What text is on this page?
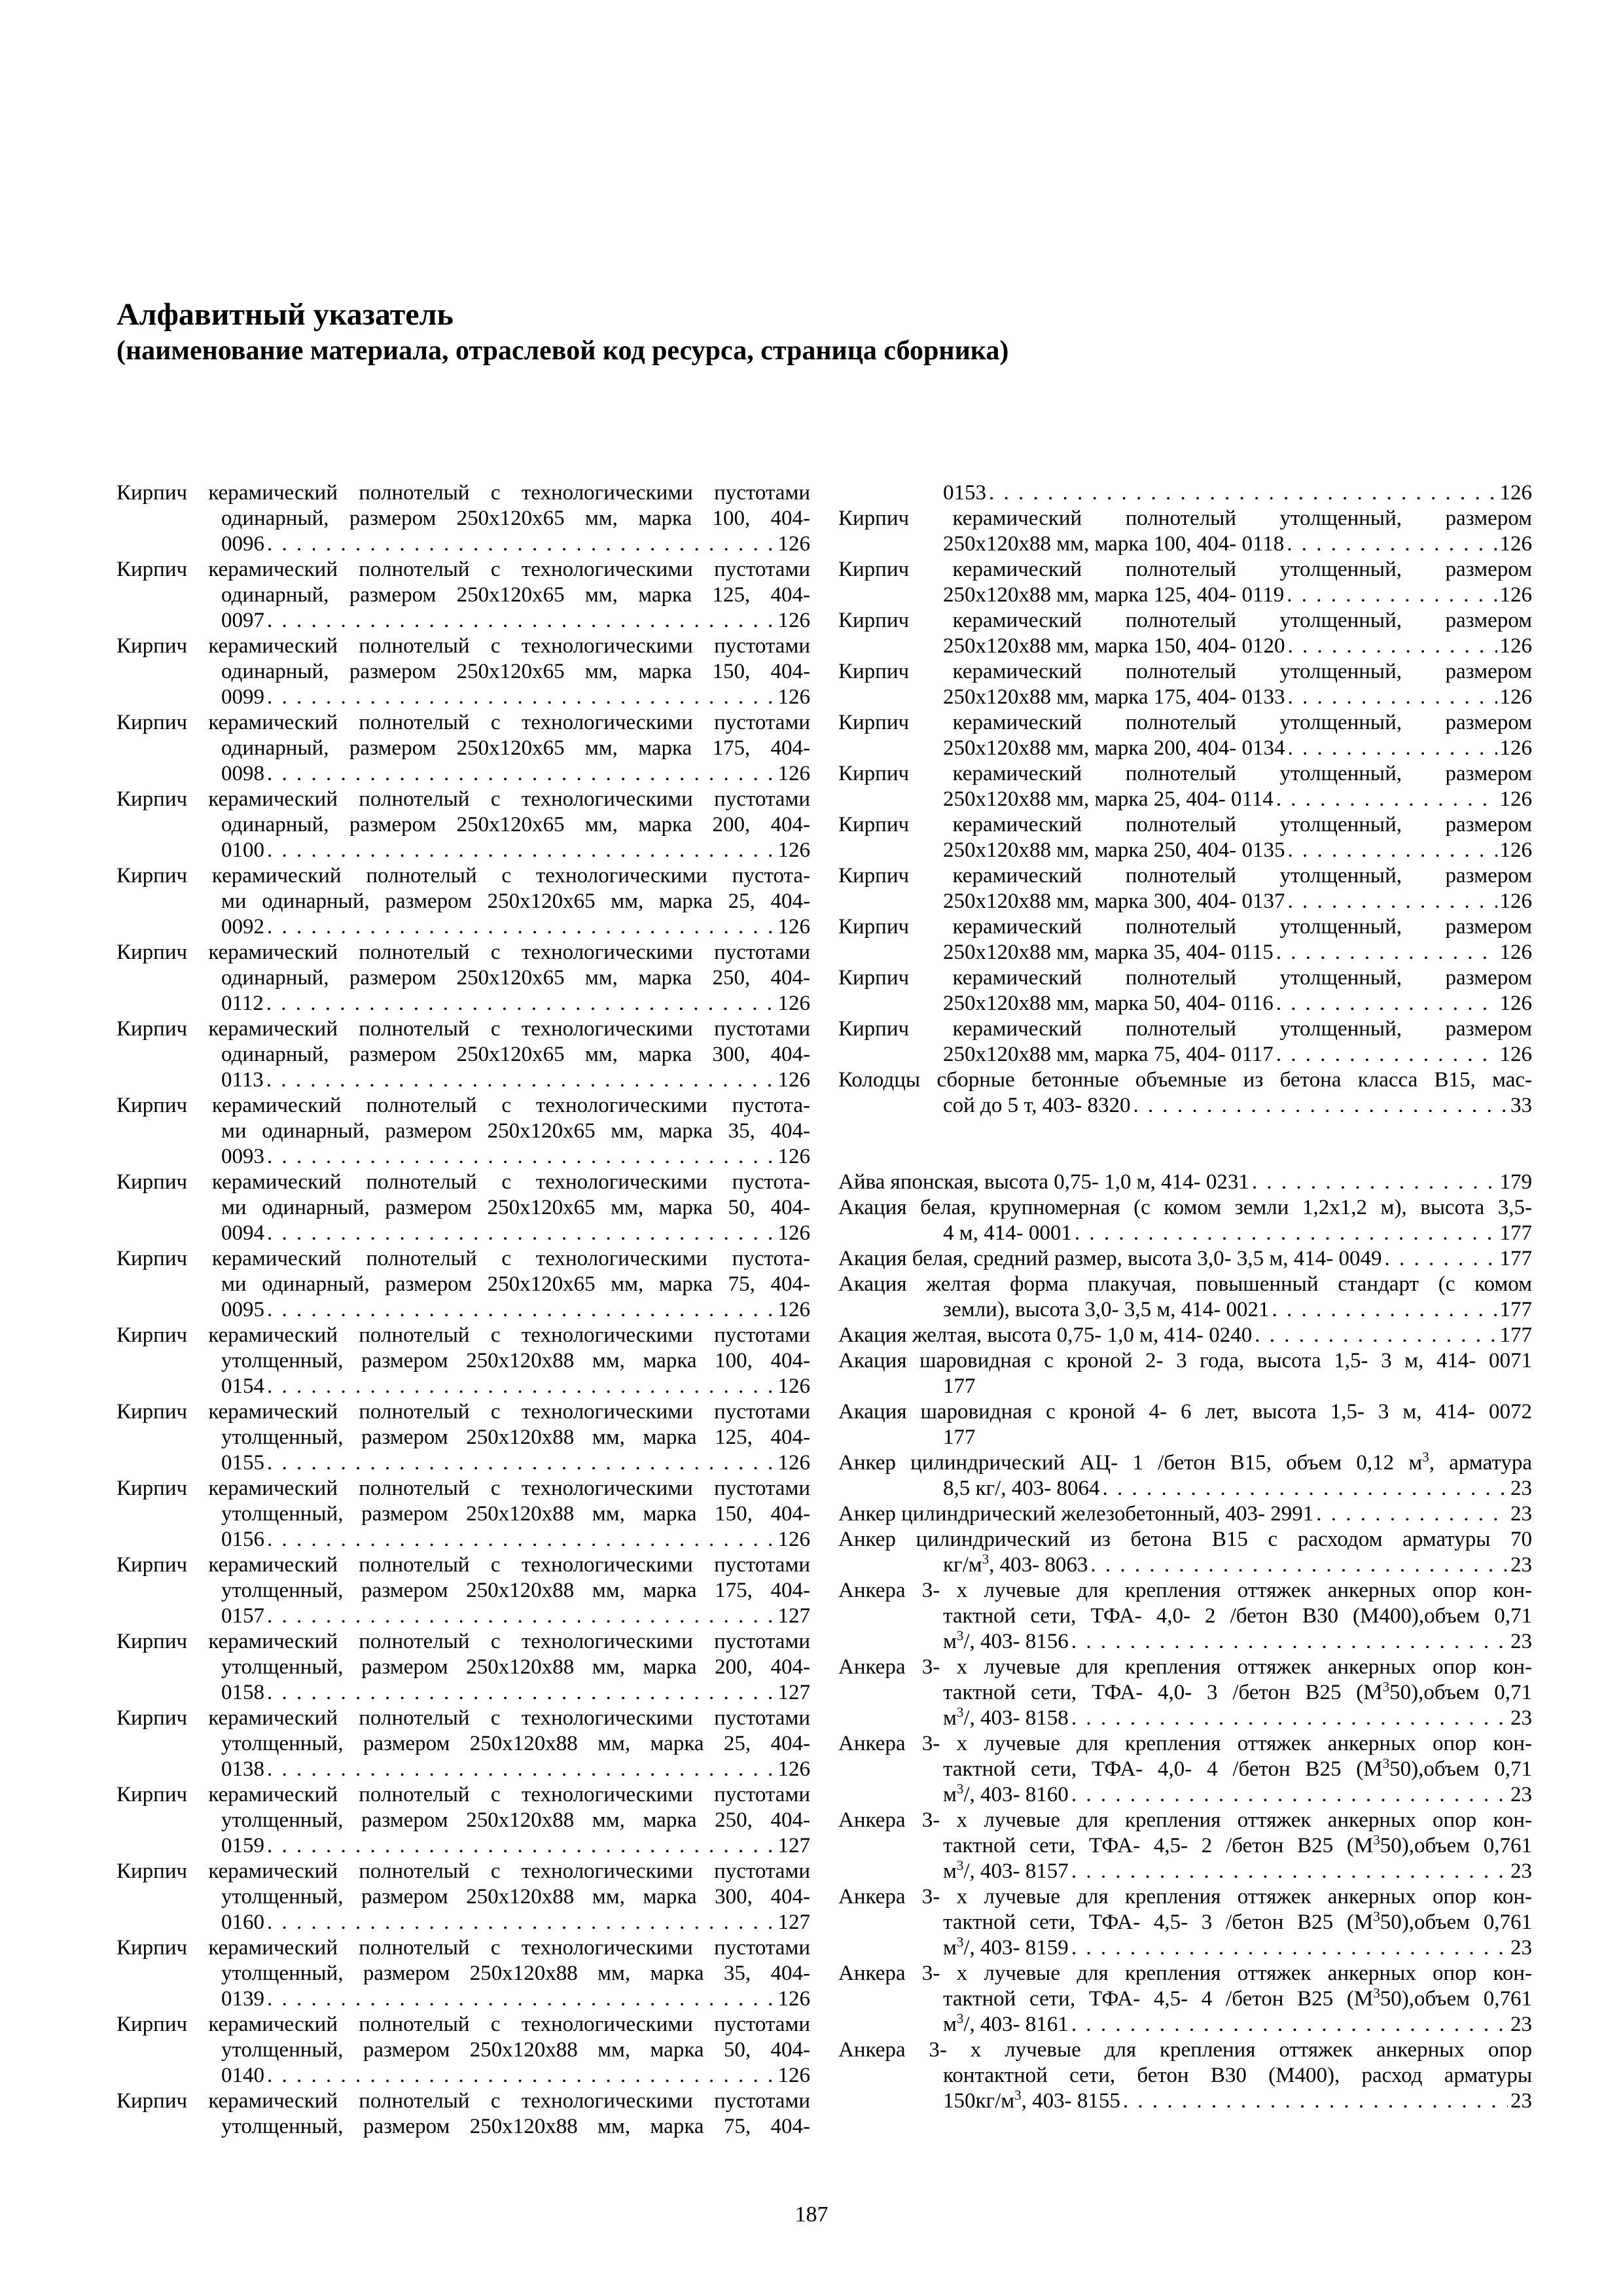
Алфавитный указатель
(наименование материала, отраслевой код ресурса, страница сборника)
Кирпич керамический полнотелый с технологическими пустотами
одинарный, размером 250х120х65 мм, марка 100, 404-
0096 . . .	126
Кирпич керамический полнотелый с технологическими пустотами
одинарный, размером 250х120х65 мм, марка 125, 404-
0097 . . .	126
Кирпич керамический полнотелый с технологическими пустотами
одинарный, размером 250х120х65 мм, марка 150, 404-
0099 . . .	126
Кирпич керамический полнотелый с технологическими пустотами
одинарный, размером 250х120х65 мм, марка 175, 404-
0098 . . .	126
Кирпич керамический полнотелый с технологическими пустотами
одинарный, размером 250х120х65 мм, марка 200, 404-
0100 . . .	126
Кирпич керамический полнотелый с технологическими пустота-
ми одинарный, размером 250х120х65 мм, марка 25, 404-
0092 . . .	126
Кирпич керамический полнотелый с технологическими пустотами
одинарный, размером 250х120х65 мм, марка 250, 404-
0112 . . .	126
Кирпич керамический полнотелый с технологическими пустотами
одинарный, размером 250х120х65 мм, марка 300, 404-
0113 . . .	126
Кирпич керамический полнотелый с технологическими пустота-
ми одинарный, размером 250х120х65 мм, марка 35, 404-
0093 . . .	126
Кирпич керамический полнотелый с технологическими пустота-
ми одинарный, размером 250х120х65 мм, марка 50, 404-
0094 . . .	126
Кирпич керамический полнотелый с технологическими пустота-
ми одинарный, размером 250х120х65 мм, марка 75, 404-
0095 . . .	126
Кирпич керамический полнотелый с технологическими пустотами
утолщенный, размером 250х120х88 мм, марка 100, 404-
0154 . . .	126
Кирпич керамический полнотелый с технологическими пустотами
утолщенный, размером 250х120х88 мм, марка 125, 404-
0155 . . .	126
Кирпич керамический полнотелый с технологическими пустотами
утолщенный, размером 250х120х88 мм, марка 150, 404-
0156 . . .	126
Кирпич керамический полнотелый с технологическими пустотами
утолщенный, размером 250х120х88 мм, марка 175, 404-
0157 . . .	127
Кирпич керамический полнотелый с технологическими пустотами
утолщенный, размером 250х120х88 мм, марка 200, 404-
0158 . . .	127
Кирпич керамический полнотелый с технологическими пустотами
утолщенный, размером 250х120х88 мм, марка 25, 404-
0138 . . .	126
Кирпич керамический полнотелый с технологическими пустотами
утолщенный, размером 250х120х88 мм, марка 250, 404-
0159 . . .	127
Кирпич керамический полнотелый с технологическими пустотами
утолщенный, размером 250х120х88 мм, марка 300, 404-
0160 . . .	127
Кирпич керамический полнотелый с технологическими пустотами
утолщенный, размером 250х120х88 мм, марка 35, 404-
0139 . . .	126
Кирпич керамический полнотелый с технологическими пустотами
утолщенный, размером 250х120х88 мм, марка 50, 404-
0140 . . .	126
Кирпич керамический полнотелый с технологическими пустотами
утолщенный, размером 250х120х88 мм, марка 75, 404-
0153 . . .	126
Кирпич керамический полнотелый утолщенный, размером
250х120х88 мм, марка 100, 404- 0118 . . .	126
Кирпич керамический полнотелый утолщенный, размером
250х120х88 мм, марка 125, 404- 0119 . . .	126
Кирпич керамический полнотелый утолщенный, размером
250х120х88 мм, марка 150, 404- 0120 . . .	126
Кирпич керамический полнотелый утолщенный, размером
250х120х88 мм, марка 175, 404- 0133 . . .	126
Кирпич керамический полнотелый утолщенный, размером
250х120х88 мм, марка 200, 404- 0134 . . .	126
Кирпич керамический полнотелый утолщенный, размером
250х120х88 мм, марка 25, 404- 0114 . . .	126
Кирпич керамический полнотелый утолщенный, размером
250х120х88 мм, марка 250, 404- 0135 . . .	126
Кирпич керамический полнотелый утолщенный, размером
250х120х88 мм, марка 300, 404- 0137 . . .	126
Кирпич керамический полнотелый утолщенный, размером
250х120х88 мм, марка 35, 404- 0115 . . .	126
Кирпич керамический полнотелый утолщенный, размером
250х120х88 мм, марка 50, 404- 0116 . . .	126
Кирпич керамический полнотелый утолщенный, размером
250х120х88 мм, марка 75, 404- 0117 . . .	126
Колодцы сборные бетонные объемные из бетона класса В15, мас-
сой до 5 т, 403- 8320 . . .	33
Айва японская, высота 0,75- 1,0 м, 414- 0231 . . .	179
Акация белая, крупномерная (с комом земли 1,2х1,2 м), высота 3,5-
4 м, 414- 0001 . . .	177
Акация белая, средний размер, высота 3,0- 3,5 м, 414- 0049 . . .	177
Акация желтая форма плакучая, повышенный стандарт (с комом
земли), высота 3,0- 3,5 м, 414- 0021 . . .	177
Акация желтая, высота 0,75- 1,0 м, 414- 0240 . . .	177
Акация шаровидная с кроной 2- 3 года, высота 1,5- 3 м, 414- 0071
177
Акация шаровидная с кроной 4- 6 лет, высота 1,5- 3 м, 414- 0072
177
Анкер цилиндрический АЦ- 1 /бетон В15, объем 0,12 $м^3$, арматура
8,5 кг/, 403- 8064 . . .	23
Анкер цилиндрический железобетонный, 403- 2991 . . .	23
Анкер цилиндрический из бетона В15 с расходом арматуры 70
$кг/м^3$, 403- 8063 . . .	23
Анкера 3- х лучевые для крепления оттяжек анкерных опор кон-
тактной сети, ТФА- 4,0- 2 /бетон В30 (М400),объем 0,71
$м^3/$, 403- 8156 . . .	23
Анкера 3- х лучевые для крепления оттяжек анкерных опор кон-
тактной сети, ТФА- 4,0- 3 /бетон В25 $(М^350),объем$ 0,71
$м^3/$, 403- 8158 . . .	23
Анкера 3- х лучевые для крепления оттяжек анкерных опор кон-
тактной сети, ТФА- 4,0- 4 /бетон В25 $(М^350),объем$ 0,71
$м^3/$, 403- 8160 . . .	23
Анкера 3- х лучевые для крепления оттяжек анкерных опор кон-
тактной сети, ТФА- 4,5- 2 /бетон В25 $(М^350),объем$ 0,761
$м^3/$, 403- 8157 . . .	23
Анкера 3- х лучевые для крепления оттяжек анкерных опор кон-
тактной сети, ТФА- 4,5- 3 /бетон В25 $(М^350),объем$ 0,761
$м^3/$, 403- 8159 . . .	23
Анкера 3- х лучевые для крепления оттяжек анкерных опор кон-
тактной сети, ТФА- 4,5- 4 /бетон В25 $(М^350),объем$ 0,761
$м^3/$, 403- 8161 . . .	23
Анкера 3- х лучевые для крепления оттяжек анкерных опор
контактной сети, бетон В30 (М400), расход арматуры
$150кг/м^3$, 403- 8155 . . .	23
187
